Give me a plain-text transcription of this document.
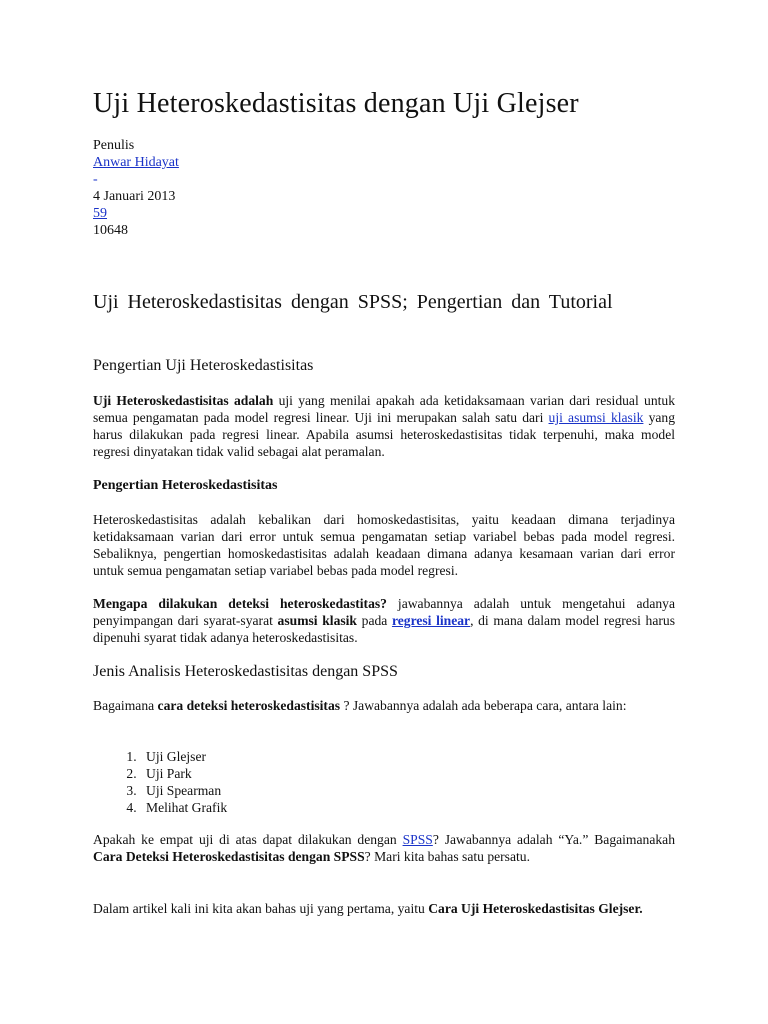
Uji Heteroskedastisitas dengan Uji Glejser
Penulis
Anwar Hidayat
-
4 Januari 2013
59
10648
Uji Heteroskedastisitas dengan SPSS; Pengertian dan Tutorial
Pengertian Uji Heteroskedastisitas

Uji Heteroskedastisitas adalah uji yang menilai apakah ada ketidaksamaan varian dari residual untuk semua pengamatan pada model regresi linear. Uji ini merupakan salah satu dari uji asumsi klasik yang harus dilakukan pada regresi linear. Apabila asumsi heteroskedastisitas tidak terpenuhi, maka model regresi dinyatakan tidak valid sebagai alat peramalan.

Pengertian Heteroskedastisitas

Heteroskedastisitas adalah kebalikan dari homoskedastisitas, yaitu keadaan dimana terjadinya ketidaksamaan varian dari error untuk semua pengamatan setiap variabel bebas pada model regresi. Sebaliknya, pengertian homoskedastisitas adalah keadaan dimana adanya kesamaan varian dari error untuk semua pengamatan setiap variabel bebas pada model regresi.

Mengapa dilakukan deteksi heteroskedastitas? jawabannya adalah untuk mengetahui adanya penyimpangan dari syarat-syarat asumsi klasik pada regresi linear, di mana dalam model regresi harus dipenuhi syarat tidak adanya heteroskedastisitas.

Jenis Analisis Heteroskedastisitas dengan SPSS

Bagaimana cara deteksi heteroskedastisitas ? Jawabannya adalah ada beberapa cara, antara lain:

1. Uji Glejser
2. Uji Park
3. Uji Spearman
4. Melihat Grafik

Apakah ke empat uji di atas dapat dilakukan dengan SPSS? Jawabannya adalah “Ya.” Bagaimanakah Cara Deteksi Heteroskedastisitas dengan SPSS? Mari kita bahas satu persatu.

Dalam artikel kali ini kita akan bahas uji yang pertama, yaitu Cara Uji Heteroskedastisitas Glejser.
